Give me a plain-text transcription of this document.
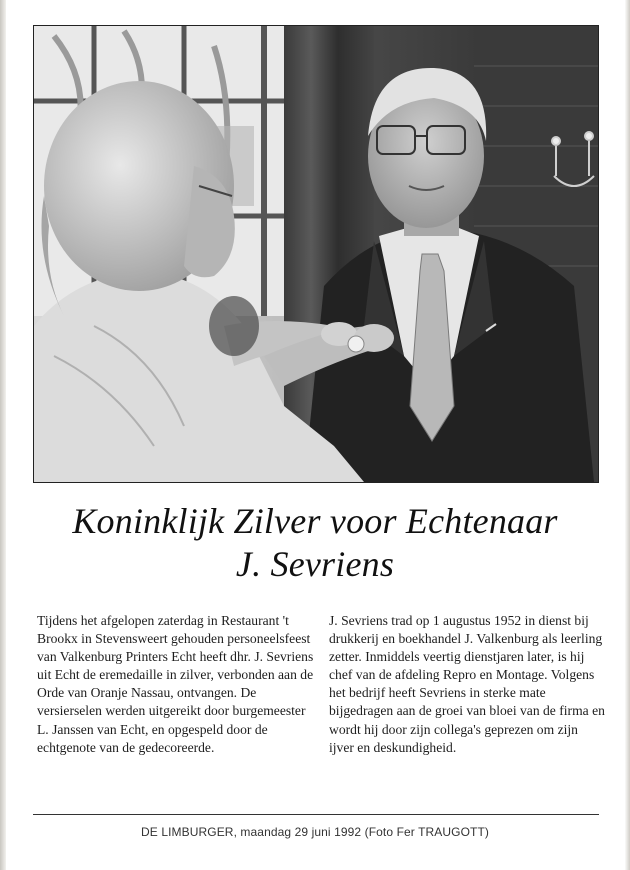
Koninklijk Zilver voor Echtenaar
J. Sevriens
Tijdens het afgelopen zaterdag in Restaurant 't Brookx in Stevensweert gehouden personeelsfeest van Valkenburg Printers Echt heeft dhr. J. Sevriens uit Echt de eremedaille in zilver, verbonden aan de Orde van Oranje Nassau, ontvangen. De versierselen werden uitgereikt door burgemeester L. Janssen van Echt, en opgespeld door de echtgenote van de gedecoreerde.
J. Sevriens trad op 1 augustus 1952 in dienst bij drukkerij en boekhandel J. Valkenburg als leerling zetter. Inmiddels veertig dienstjaren later, is hij chef van de afdeling Repro en Montage. Volgens het bedrijf heeft Sevriens in sterke mate bijgedragen aan de groei van bloei van de firma en wordt hij door zijn collega's geprezen om zijn ijver en deskundigheid.
DE LIMBURGER, maandag 29 juni 1992 (Foto Fer TRAUGOTT)
